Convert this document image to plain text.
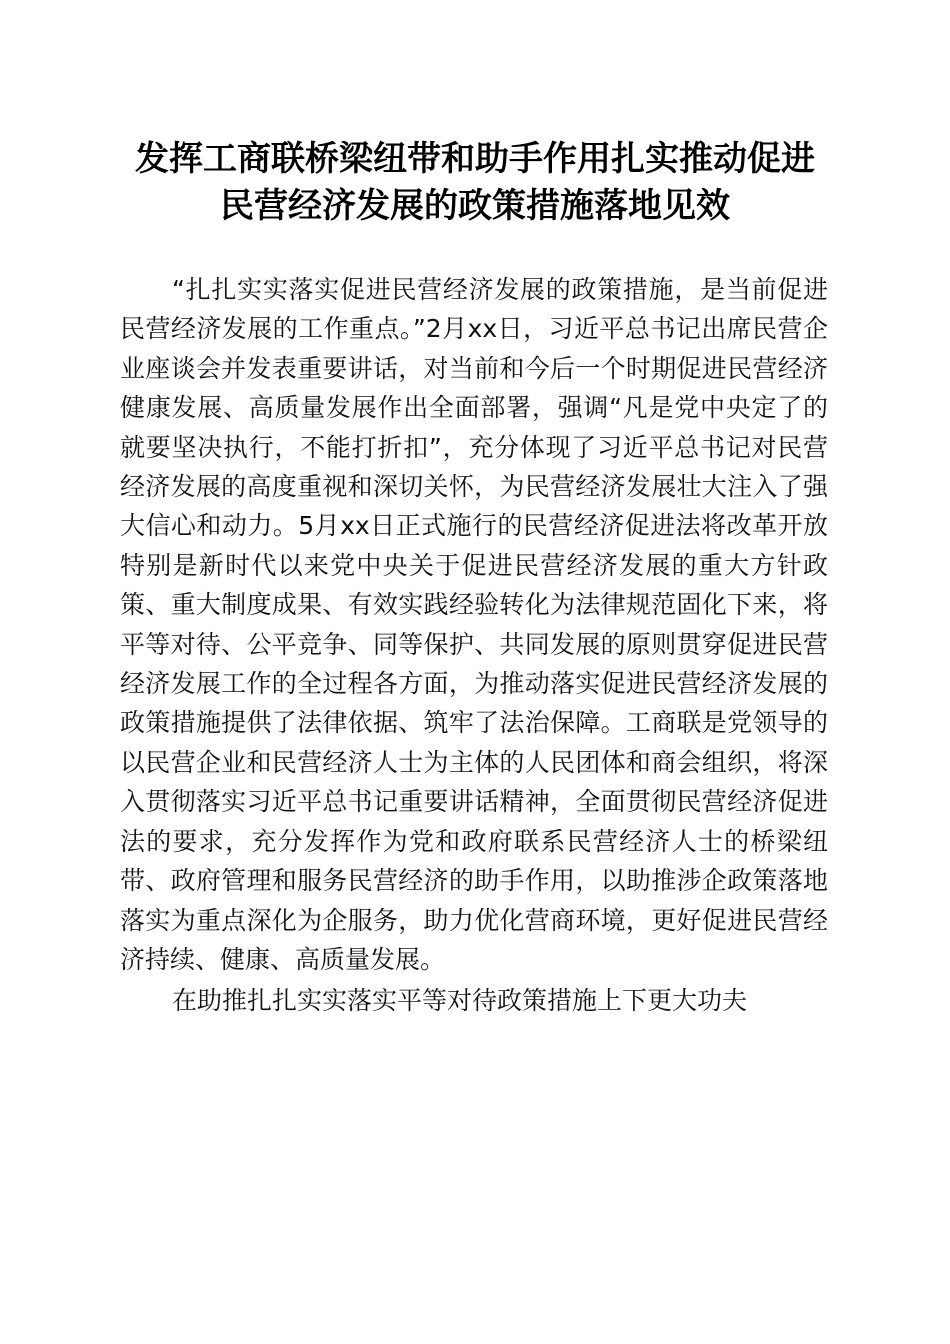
发挥工商联桥梁纽带和助手作用扎实推动促进
民营经济发展的政策措施落地见效

“扎扎实实落实促进民营经济发展的政策措施，是当前促进民营经济发展的工作重点。”2月xx日，习近平总书记出席民营企业座谈会并发表重要讲话，对当前和今后一个时期促进民营经济健康发展、高质量发展作出全面部署，强调“凡是党中央定了的就要坚决执行，不能打折扣”，充分体现了习近平总书记对民营经济发展的高度重视和深切关怀，为民营经济发展壮大注入了强大信心和动力。5月xx日正式施行的民营经济促进法将改革开放特别是新时代以来党中央关于促进民营经济发展的重大方针政策、重大制度成果、有效实践经验转化为法律规范固化下来，将平等对待、公平竞争、同等保护、共同发展的原则贯穿促进民营经济发展工作的全过程各方面，为推动落实促进民营经济发展的政策措施提供了法律依据、筑牢了法治保障。工商联是党领导的以民营企业和民营经济人士为主体的人民团体和商会组织，将深入贯彻落实习近平总书记重要讲话精神，全面贯彻民营经济促进法的要求，充分发挥作为党和政府联系民营经济人士的桥梁纽带、政府管理和服务民营经济的助手作用，以助推涉企政策落地落实为重点深化为企服务，助力优化营商环境，更好促进民营经济持续、健康、高质量发展。

在助推扎扎实实落实平等对待政策措施上下更大功夫
